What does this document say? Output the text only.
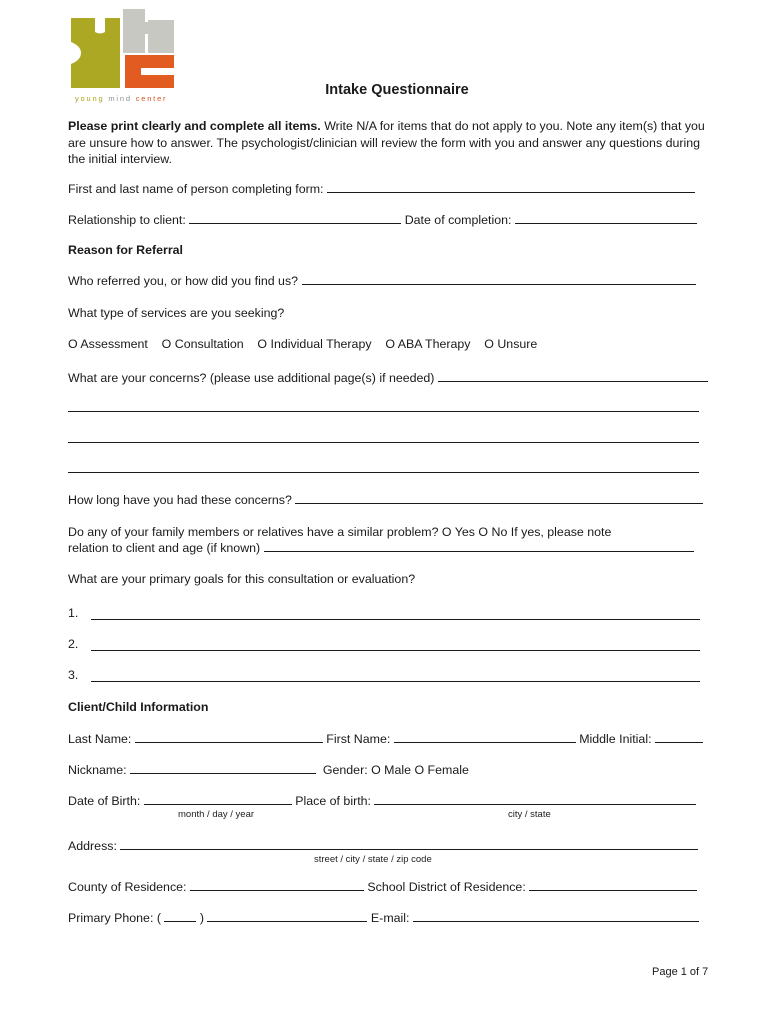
young mind center
Intake Questionnaire
Please print clearly and complete all items. Write N/A for items that do not apply to you. Note any item(s) that you are unsure how to answer. The psychologist/clinician will review the form with you and answer any questions during the initial interview.
First and last name of person completing form:
Relationship to client:	Date of completion:
Reason for Referral
Who referred you, or how did you find us?
What type of services are you seeking?
O Assessment O Consultation O Individual Therapy O ABA Therapy O Unsure
What are your concerns? (please use additional page(s) if needed)
How long have you had these concerns?
Do any of your family members or relatives have a similar problem? O Yes O No If yes, please note
relation to client and age (if known)
What are your primary goals for this consultation or evaluation?
1.
2.
3.
Client/Child Information
Last Name:	First Name:	Middle Initial:
Nickname:	Gender: O Male O Female
Date of Birth:	Place of birth:
month / day / year	city / state
Address:
street / city / state / zip code
County of Residence:	School District of Residence:
Primary Phone: (	)	E-mail:
Page 1 of 7
